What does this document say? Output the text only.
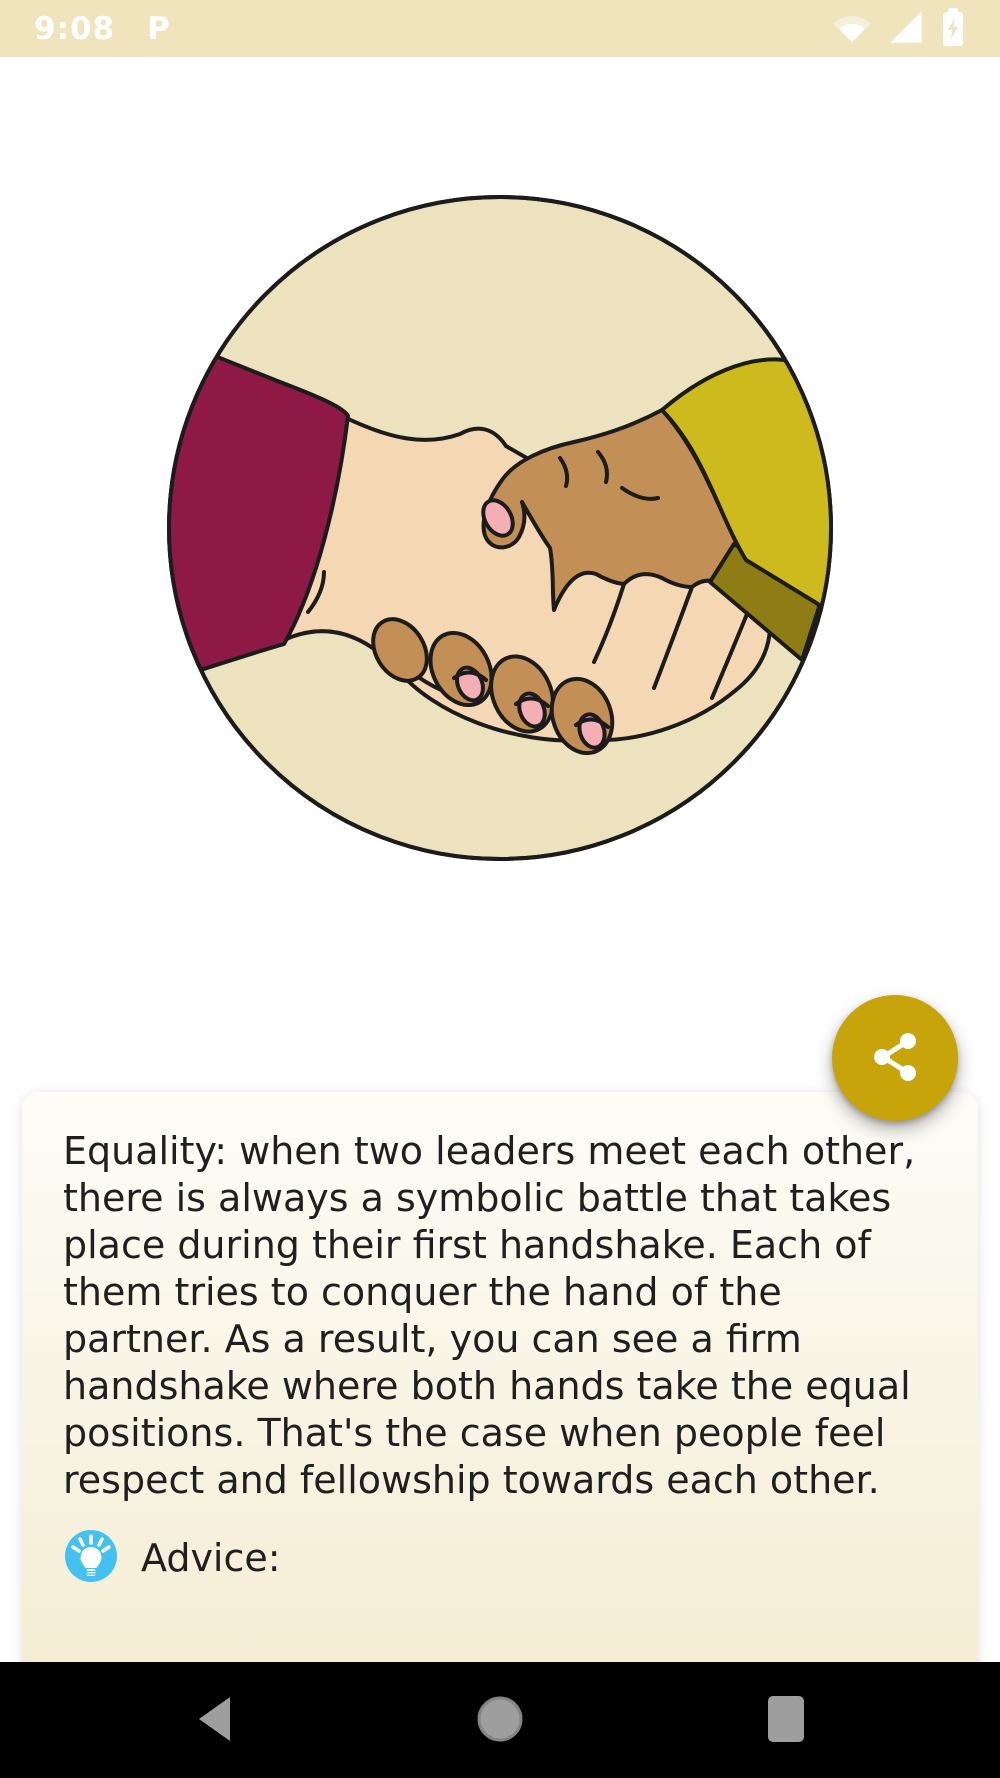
9:08 P
Equality: when two leaders meet each other, there is always a symbolic battle that takes place during their first handshake. Each of them tries to conquer the hand of the partner. As a result, you can see a firm handshake where both hands take the equal positions. That's the case when people feel respect and fellowship towards each other.
Advice:
